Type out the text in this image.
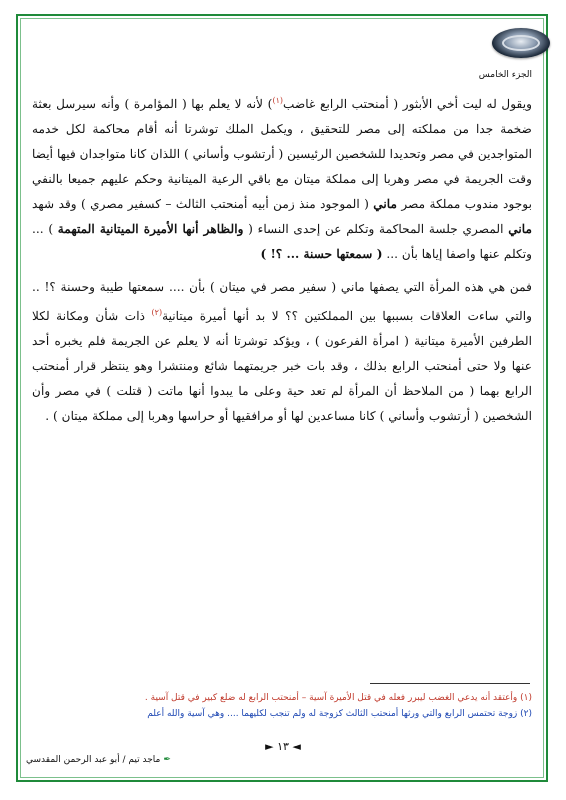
الجزء الخامس

ويقول له ليت أخي الأبثور ( أمنحتب الرابع غاضب$^{(١)}$) لأنه لا يعلم بها ( المؤامرة ) وأنه سيرسل بعثة ضخمة جدا من مملكته إلى مصر للتحقيق ، ويكمل الملك توشرتا أنه أقام محاكمة لكل خدمه المتواجدين في مصر وتحديدا للشخصين الرئيسين ( أرتشوب وأساني ) اللذان كانا متواجدان فيها أيضا وقت الجريمة في مصر وهربا إلى مملكة ميتان مع باقي الرعية الميتانية وحكم عليهم جميعا بالنفي بوجود مندوب مملكة مصر ماني ( الموجود منذ زمن أبيه أمنحتب الثالث – كسفير مصري ) وقد شهد ماني المصري جلسة المحاكمة وتكلم عن إحدى النساء ( والظاهر أنها الأميرة الميتانية المتهمة ) ... وتكلم عنها واصفا إياها بأن ... ( سمعتها حسنة ... ؟! )

فمن هي هذه المرأة التي يصفها ماني ( سفير مصر في ميتان ) بأن .... سمعتها طيبة وحسنة ؟! .. والتي ساءت العلاقات بسببها بين المملكتين ؟؟ لا بد أنها أميرة ميتانية$^{(٢)}$ ذات شأن ومكانة لكلا الطرفين الأميرة ميتانية ( امرأة الفرعون ) ، ويؤكد توشرتا أنه لا يعلم عن الجريمة فلم يخبره أحد عنها ولا حتى أمنحتب الرابع بذلك ، وقد بات خبر جريمتهما شائع ومنتشرا وهو ينتظر قرار أمنحتب الرابع بهما ( من الملاحظ أن المرأة لم تعد حية وعلى ما يبدوا أنها ماتت ( قتلت ) في مصر وأن الشخصين ( أرتشوب وأساني ) كانا مساعدين لها أو مرافقيها أو حراسها وهربا إلى مملكة ميتان ) .

(١) وأعتقد أنه يدعي الغضب ليبرر فعله في قتل الأميرة آسية – أمنحتب الرابع له ضلع كبير في قتل آسية .
(٢) زوجة تحتمس الرابع والتي ورثها أمنحتب الثالث كزوجة له ولم تنجب لكليهما .... وهي آسية والله أعلم
◄ ١٣ ►
✒ماجد تيم / أبو عبد الرحمن المقدسي
